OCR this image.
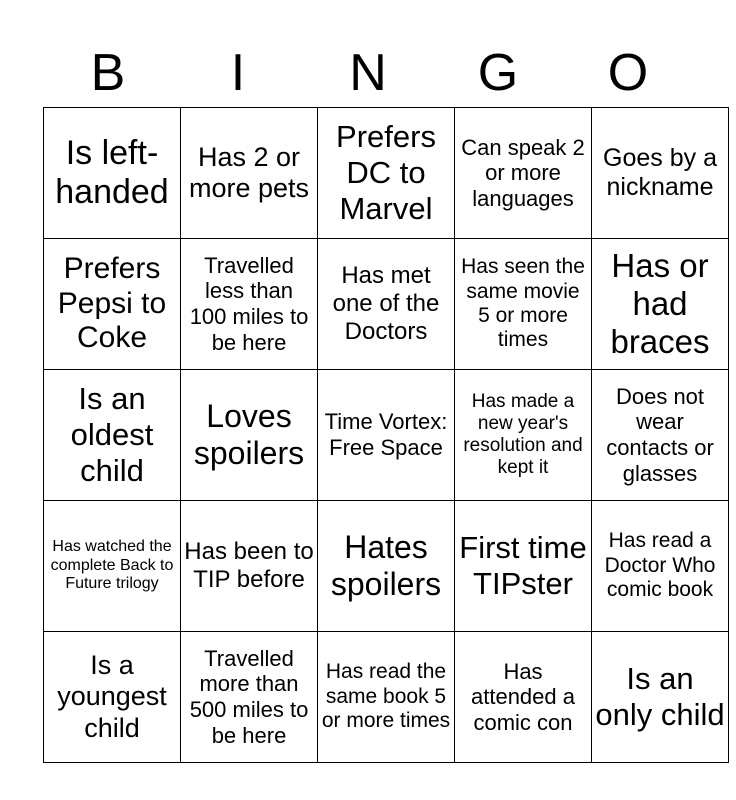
B	I	N	G	O
Is left-handed	Has 2 or more pets	Prefers DC to Marvel	Can speak 2 or more languages	Goes by a nickname
Prefers Pepsi to Coke	Travelled less than 100 miles to be here	Has met one of the Doctors	Has seen the same movie 5 or more times	Has or had braces
Is an oldest child	Loves spoilers	Time Vortex: Free Space	Has made a new year's resolution and kept it	Does not wear contacts or glasses
Has watched the complete Back to Future trilogy	Has been to TIP before	Hates spoilers	First time TIPster	Has read a Doctor Who comic book
Is a youngest child	Travelled more than 500 miles to be here	Has read the same book 5 or more times	Has attended a comic con	Is an only child
